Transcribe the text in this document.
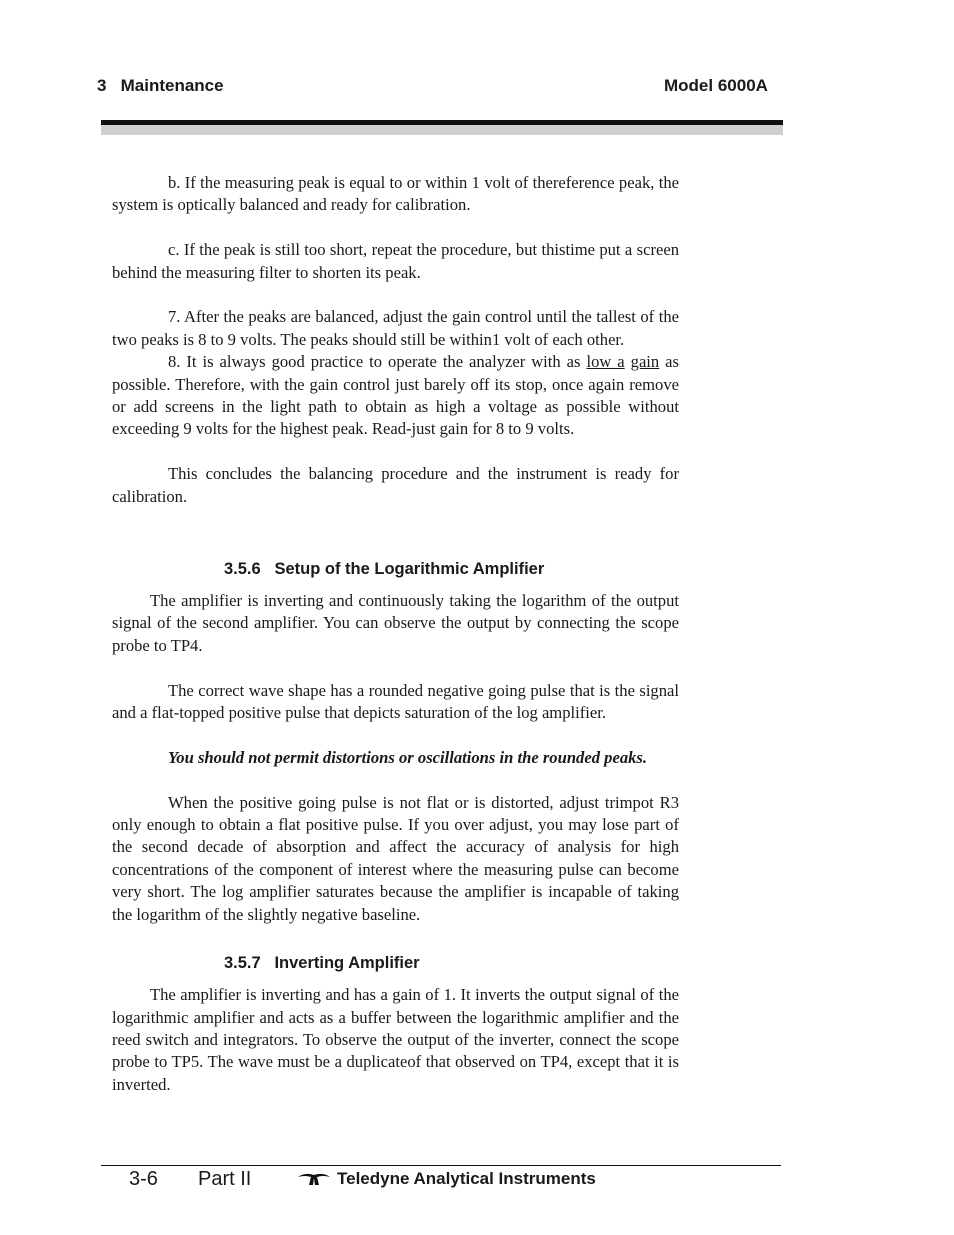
3   Maintenance	Model 6000A

b. If the measuring peak is equal to or within 1 volt of thereference peak, the system is optically balanced and ready for calibration.

c. If the peak is still too short, repeat the procedure, but thistime put a screen behind the measuring filter to shorten its peak.

7. After the peaks are balanced, adjust the gain control until the tallest of the two peaks is 8 to 9 volts. The peaks should still be within1 volt of each other.

8. It is always good practice to operate the analyzer with as low a gain as possible. Therefore, with the gain control just barely off its stop, once again remove or add screens in the light path to obtain as high a voltage as possible without exceeding 9 volts for the highest peak. Read-just gain for 8 to 9 volts.

This concludes the balancing procedure and the instrument is ready for calibration.

3.5.6   Setup of the Logarithmic Amplifier

The amplifier is inverting and continuously taking the logarithm of the output signal of the second amplifier. You can observe the output by connecting the scope probe to TP4.

The correct wave shape has a rounded negative going pulse that is the signal and a flat-topped positive pulse that depicts saturation of the log amplifier.

You should not permit distortions or oscillations in the rounded peaks.

When the positive going pulse is not flat or is distorted, adjust trimpot R3 only enough to obtain a flat positive pulse. If you over adjust, you may lose part of the second decade of absorption and affect the accuracy of analysis for high concentrations of the component of interest where the measuring pulse can become very short. The log amplifier saturates because the amplifier is incapable of taking the logarithm of the slightly negative baseline.

3.5.7   Inverting Amplifier

The amplifier is inverting and has a gain of 1. It inverts the output signal of the logarithmic amplifier and acts as a buffer between the logarithmic amplifier and the reed switch and integrators. To observe the output of the inverter, connect the scope probe to TP5. The wave must be a duplicateof that observed on TP4, except that it is inverted.

3-6 Part II	Teledyne Analytical Instruments
